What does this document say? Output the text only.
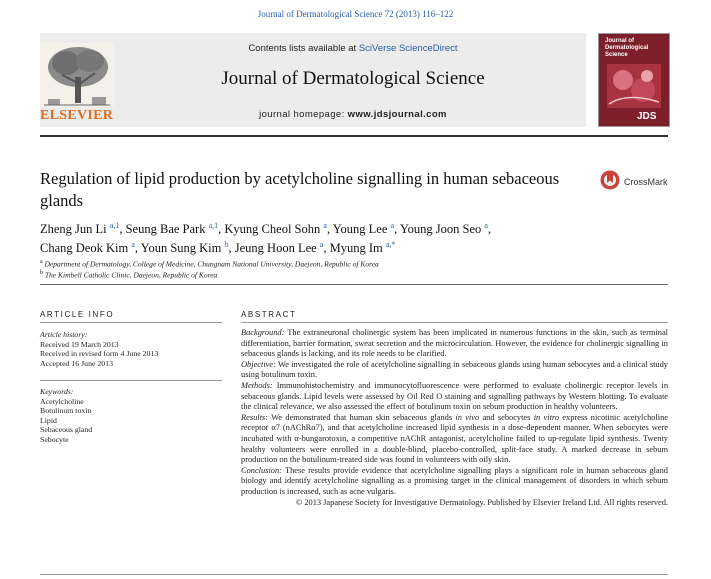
Journal of Dermatological Science 72 (2013) 116–122
ELSEVIER
Contents lists available at SciVerse ScienceDirect
Journal of Dermatological Science
journal homepage: www.jdsjournal.com
Journal of Dermatological Science
JDS
Regulation of lipid production by acetylcholine signalling in human sebaceous glands
CrossMark
Zheng Jun Li $^{a,1}$, Seung Bae Park $^{a,1}$, Kyung Cheol Sohn $^a$, Young Lee $^a$, Young Joon Seo $^a$,
Chang Deok Kim $^a$, Youn Sung Kim $^b$, Jeung Hoon Lee $^a$, Myung Im $^{a,*}$
$^a$ Department of Dermatology, College of Medicine, Chungnam National University, Daejeon, Republic of Korea
$^b$ The Kimbell Catholic Clinic, Daejeon, Republic of Korea
ARTICLE INFO
Article history:
Received 19 March 2013
Received in revised form 4 June 2013
Accepted 16 June 2013
Keywords:
Acetylcholine
Botulinum toxin
Lipid
Sebaceous gland
Sebocyte
ABSTRACT

Background: The extraneuronal cholinergic system has been implicated in numerous functions in the skin, such as terminal differentiation, barrier formation, sweat secretion and the microcirculation. However, the evidence for cholinergic signalling in sebaceous glands is lacking, and its role needs to be clarified.

Objective: We investigated the role of acetylcholine signalling in sebaceous glands using human sebocytes and a clinical study using botulinum toxin.

Methods: Immunohistochemistry and immunocytofluorescence were performed to evaluate cholinergic receptor levels in sebaceous glands. Lipid levels were assessed by Oil Red O staining and signalling pathways by Western blotting. To evaluate the clinical relevance, we also assessed the effect of botulinum toxin on sebum production in healthy volunteers.

Results: We demonstrated that human skin sebaceous glands in vivo and sebocytes in vitro express nicotinic acetylcholine receptor α7 (nAChRα7), and that acetylcholine increased lipid synthesis in a dose-dependent manner. When sebocytes were incubated with α-bungarotoxin, a competitive nAChR antagonist, acetylcholine failed to up-regulate lipid synthesis. Twenty healthy volunteers were enrolled in a double-blind, placebo-controlled, split-face study. A marked decrease in sebum production on the botulinum-treated side was found in volunteers with oily skin.

Conclusion: These results provide evidence that acetylcholine signalling plays a significant role in human sebaceous gland biology and identify acetylcholine signalling as a promising target in the clinical management of disorders in which sebum production is increased, such as acne vulgaris.

© 2013 Japanese Society for Investigative Dermatology. Published by Elsevier Ireland Ltd. All rights reserved.
